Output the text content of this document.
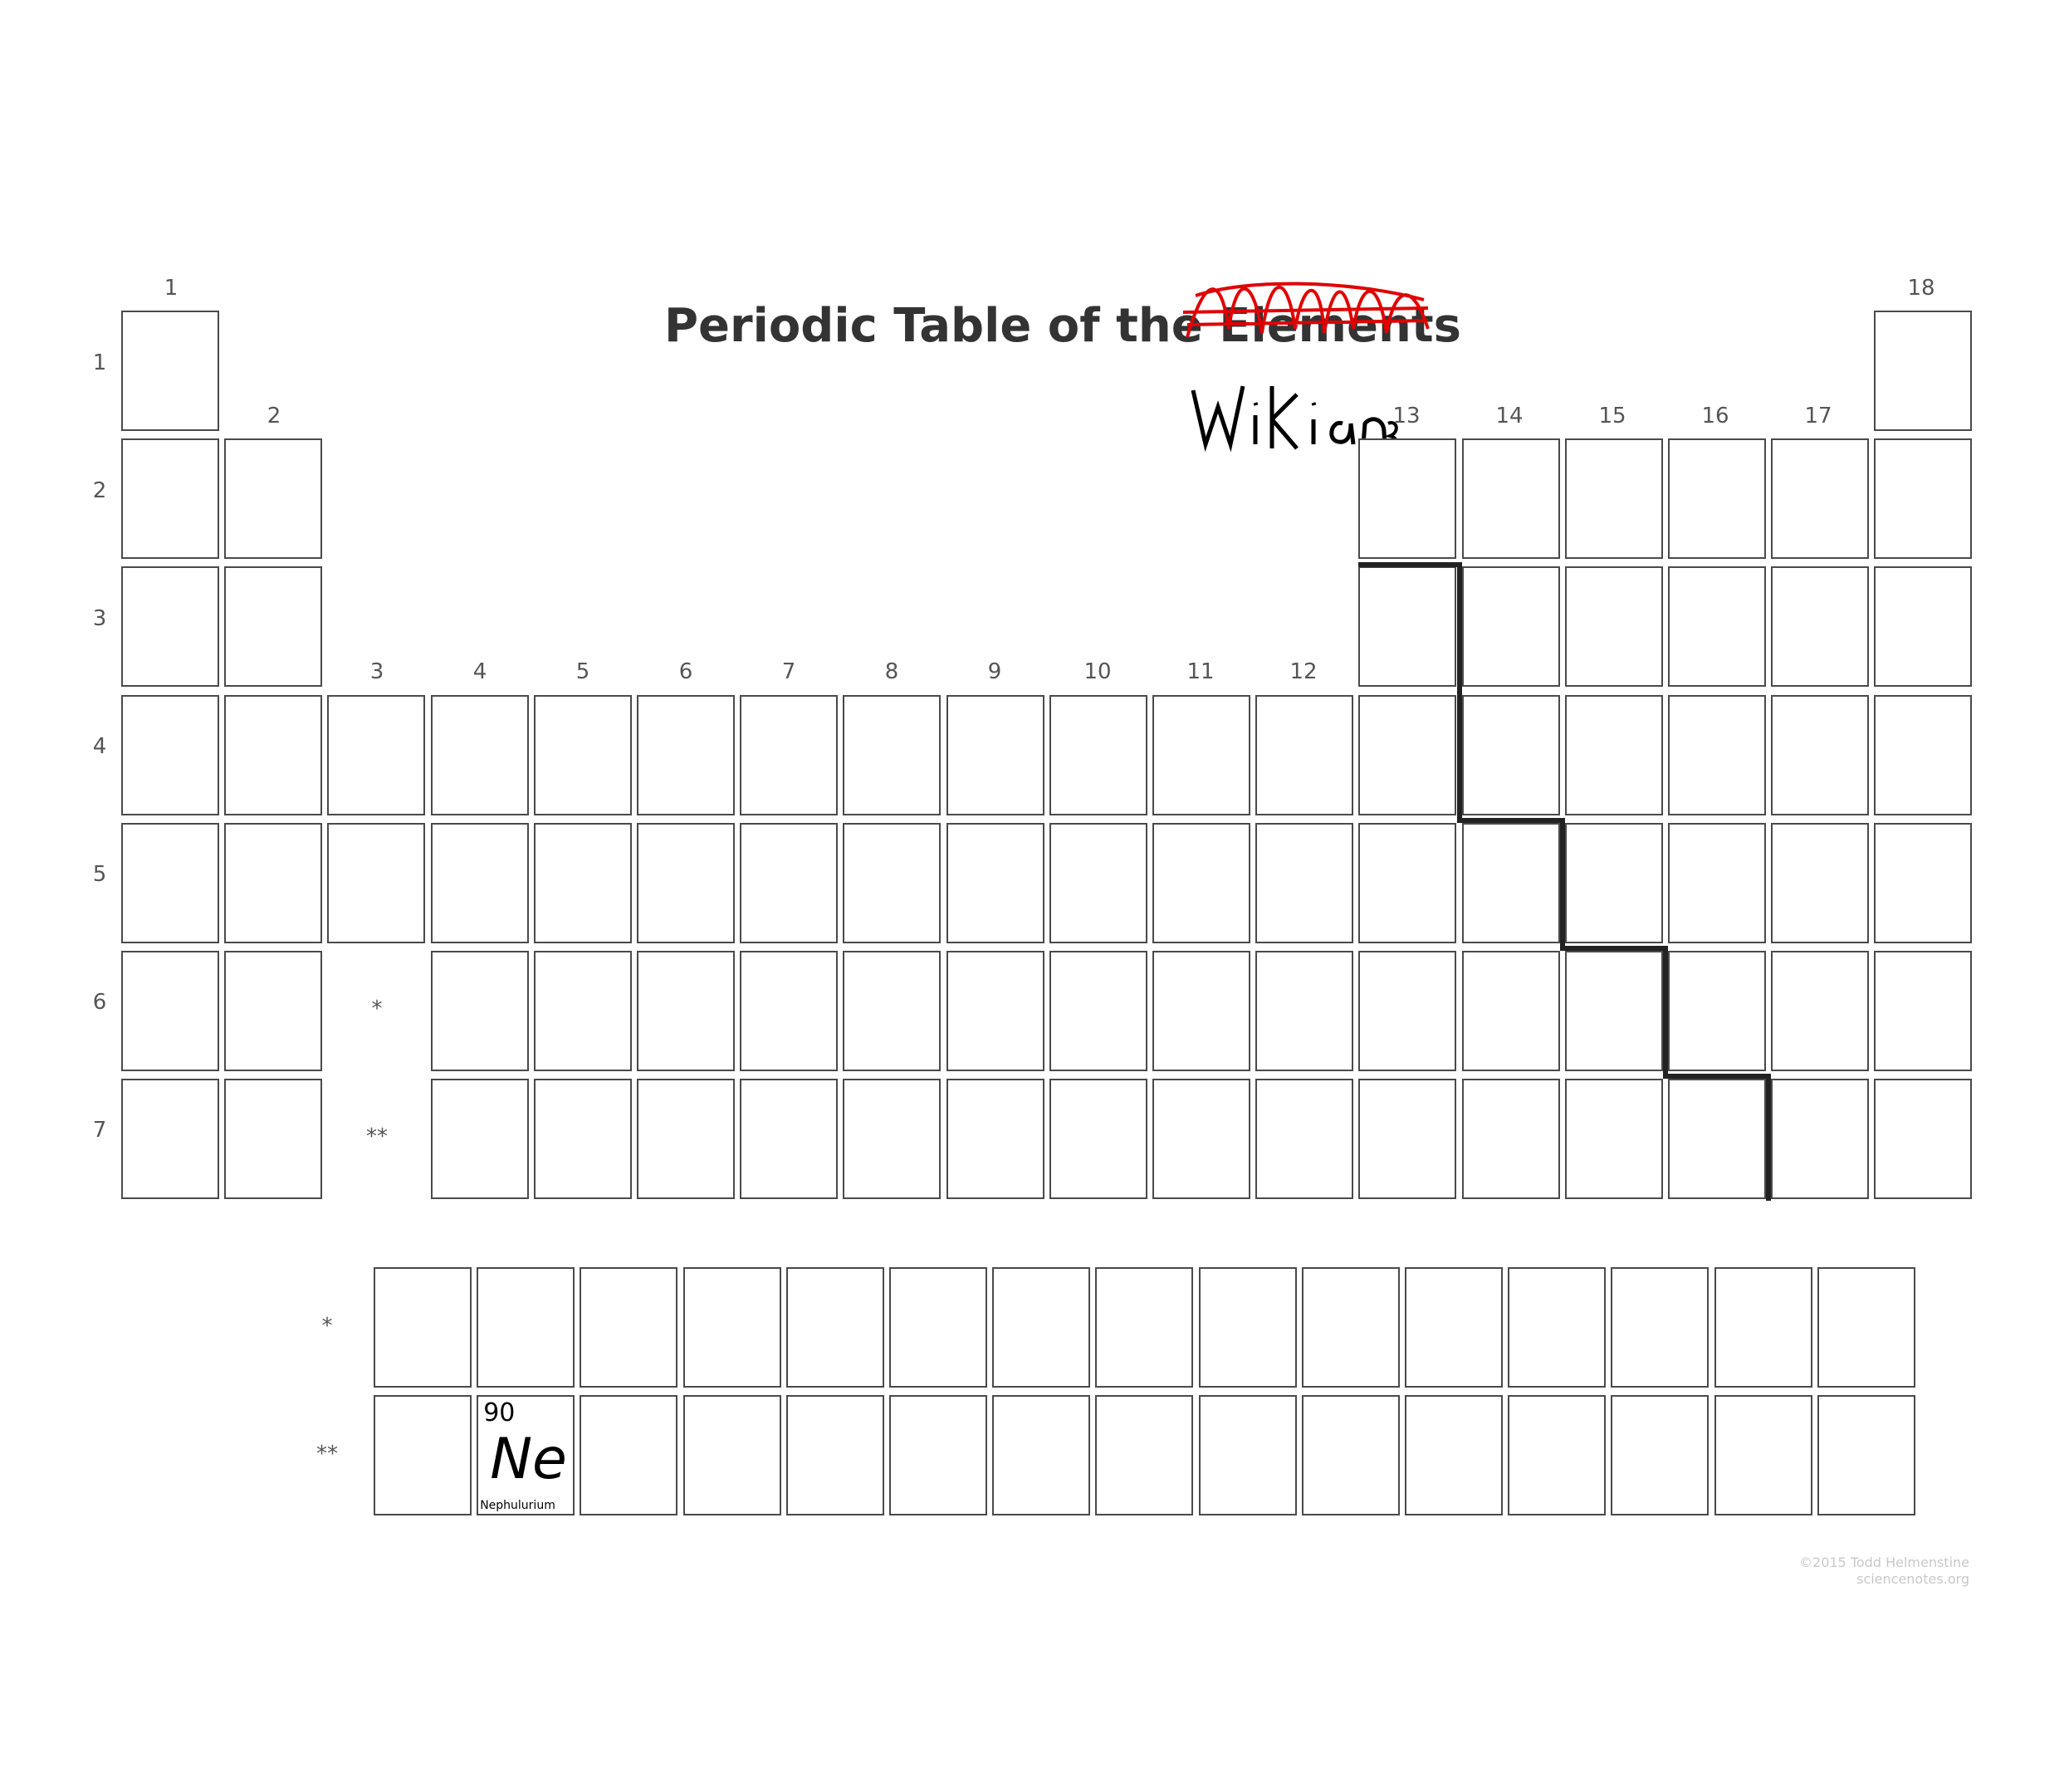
Periodic Table of the Elements
1
2
3	4	5	6	7	8	9	10	11	12
13	14	15	16	17
18
1
2
3
4
5
6
7
*
**
*
**
90
Ne
Nephulurium
©2015 Todd Helmenstine
sciencenotes.org
